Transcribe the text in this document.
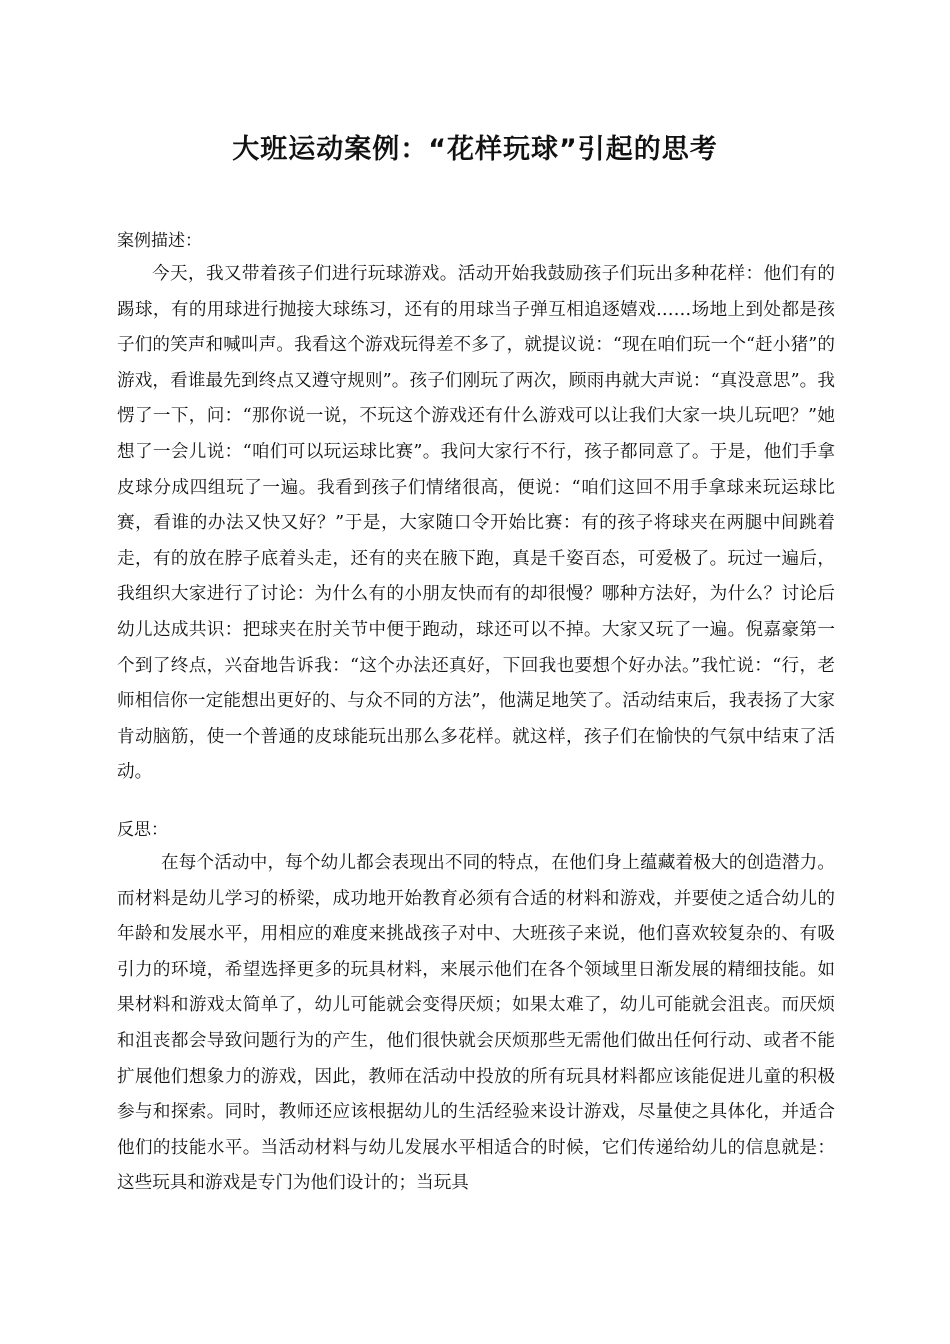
大班运动案例：“花样玩球”引起的思考

案例描述：

今天，我又带着孩子们进行玩球游戏。活动开始我鼓励孩子们玩出多种花样：他们有的踢球，有的用球进行抛接大球练习，还有的用球当子弹互相追逐嬉戏……场地上到处都是孩子们的笑声和喊叫声。我看这个游戏玩得差不多了，就提议说：“现在咱们玩一个“赶小猪”的游戏，看谁最先到终点又遵守规则”。孩子们刚玩了两次，顾雨冉就大声说：“真没意思”。我愣了一下，问：“那你说一说，不玩这个游戏还有什么游戏可以让我们大家一块儿玩吧？”她想了一会儿说：“咱们可以玩运球比赛”。我问大家行不行，孩子都同意了。于是，他们手拿皮球分成四组玩了一遍。我看到孩子们情绪很高，便说：“咱们这回不用手拿球来玩运球比赛，看谁的办法又快又好？”于是，大家随口令开始比赛：有的孩子将球夹在两腿中间跳着走，有的放在脖子底着头走，还有的夹在腋下跑，真是千姿百态，可爱极了。玩过一遍后，我组织大家进行了讨论：为什么有的小朋友快而有的却很慢？哪种方法好，为什么？讨论后幼儿达成共识：把球夹在肘关节中便于跑动，球还可以不掉。大家又玩了一遍。倪嘉豪第一个到了终点，兴奋地告诉我：“这个办法还真好，下回我也要想个好办法。”我忙说：“行，老师相信你一定能想出更好的、与众不同的方法”，他满足地笑了。活动结束后，我表扬了大家肯动脑筋，使一个普通的皮球能玩出那么多花样。就这样，孩子们在愉快的气氛中结束了活动。

反思：

在每个活动中，每个幼儿都会表现出不同的特点，在他们身上蕴藏着极大的创造潜力。而材料是幼儿学习的桥梁，成功地开始教育必须有合适的材料和游戏，并要使之适合幼儿的年龄和发展水平，用相应的难度来挑战孩子对中、大班孩子来说，他们喜欢较复杂的、有吸引力的环境，希望选择更多的玩具材料，来展示他们在各个领域里日渐发展的精细技能。如果材料和游戏太简单了，幼儿可能就会变得厌烦；如果太难了，幼儿可能就会沮丧。而厌烦和沮丧都会导致问题行为的产生，他们很快就会厌烦那些无需他们做出任何行动、或者不能扩展他们想象力的游戏，因此，教师在活动中投放的所有玩具材料都应该能促进儿童的积极参与和探索。同时，教师还应该根据幼儿的生活经验来设计游戏，尽量使之具体化，并适合他们的技能水平。当活动材料与幼儿发展水平相适合的时候，它们传递给幼儿的信息就是：这些玩具和游戏是专门为他们设计的；当玩具
